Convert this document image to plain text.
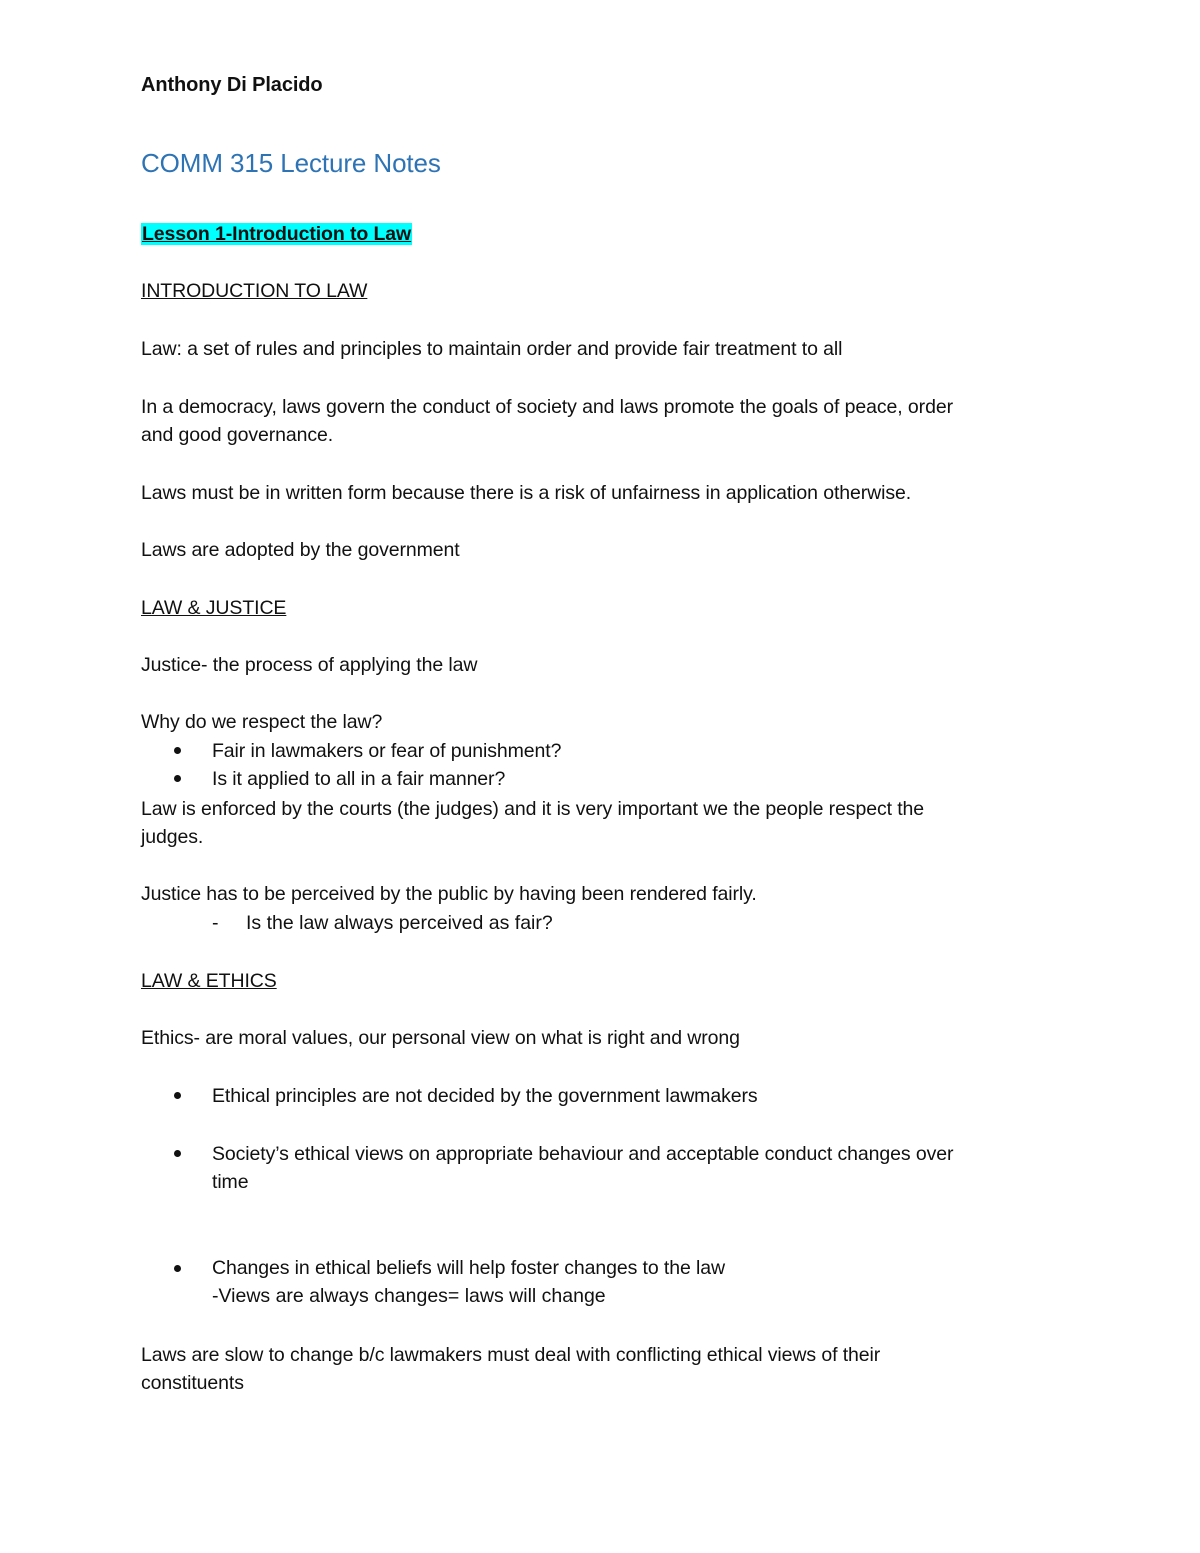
Anthony Di Placido
COMM 315 Lecture Notes
Lesson 1-Introduction to Law
INTRODUCTION TO LAW
Law: a set of rules and principles to maintain order and provide fair treatment to all
In a democracy, laws govern the conduct of society and laws promote the goals of peace, order
and good governance.
Laws must be in written form because there is a risk of unfairness in application otherwise.
Laws are adopted by the government
LAW & JUSTICE
Justice- the process of applying the law
Why do we respect the law?
Fair in lawmakers or fear of punishment?
Is it applied to all in a fair manner?
Law is enforced by the courts (the judges) and it is very important we the people respect the
judges.
Justice has to be perceived by the public by having been rendered fairly.
- Is the law always perceived as fair?
LAW & ETHICS
Ethics- are moral values, our personal view on what is right and wrong
Ethical principles are not decided by the government lawmakers
Society’s ethical views on appropriate behaviour and acceptable conduct changes over
time
Changes in ethical beliefs will help foster changes to the law
-Views are always changes= laws will change
Laws are slow to change b/c lawmakers must deal with conflicting ethical views of their
constituents
